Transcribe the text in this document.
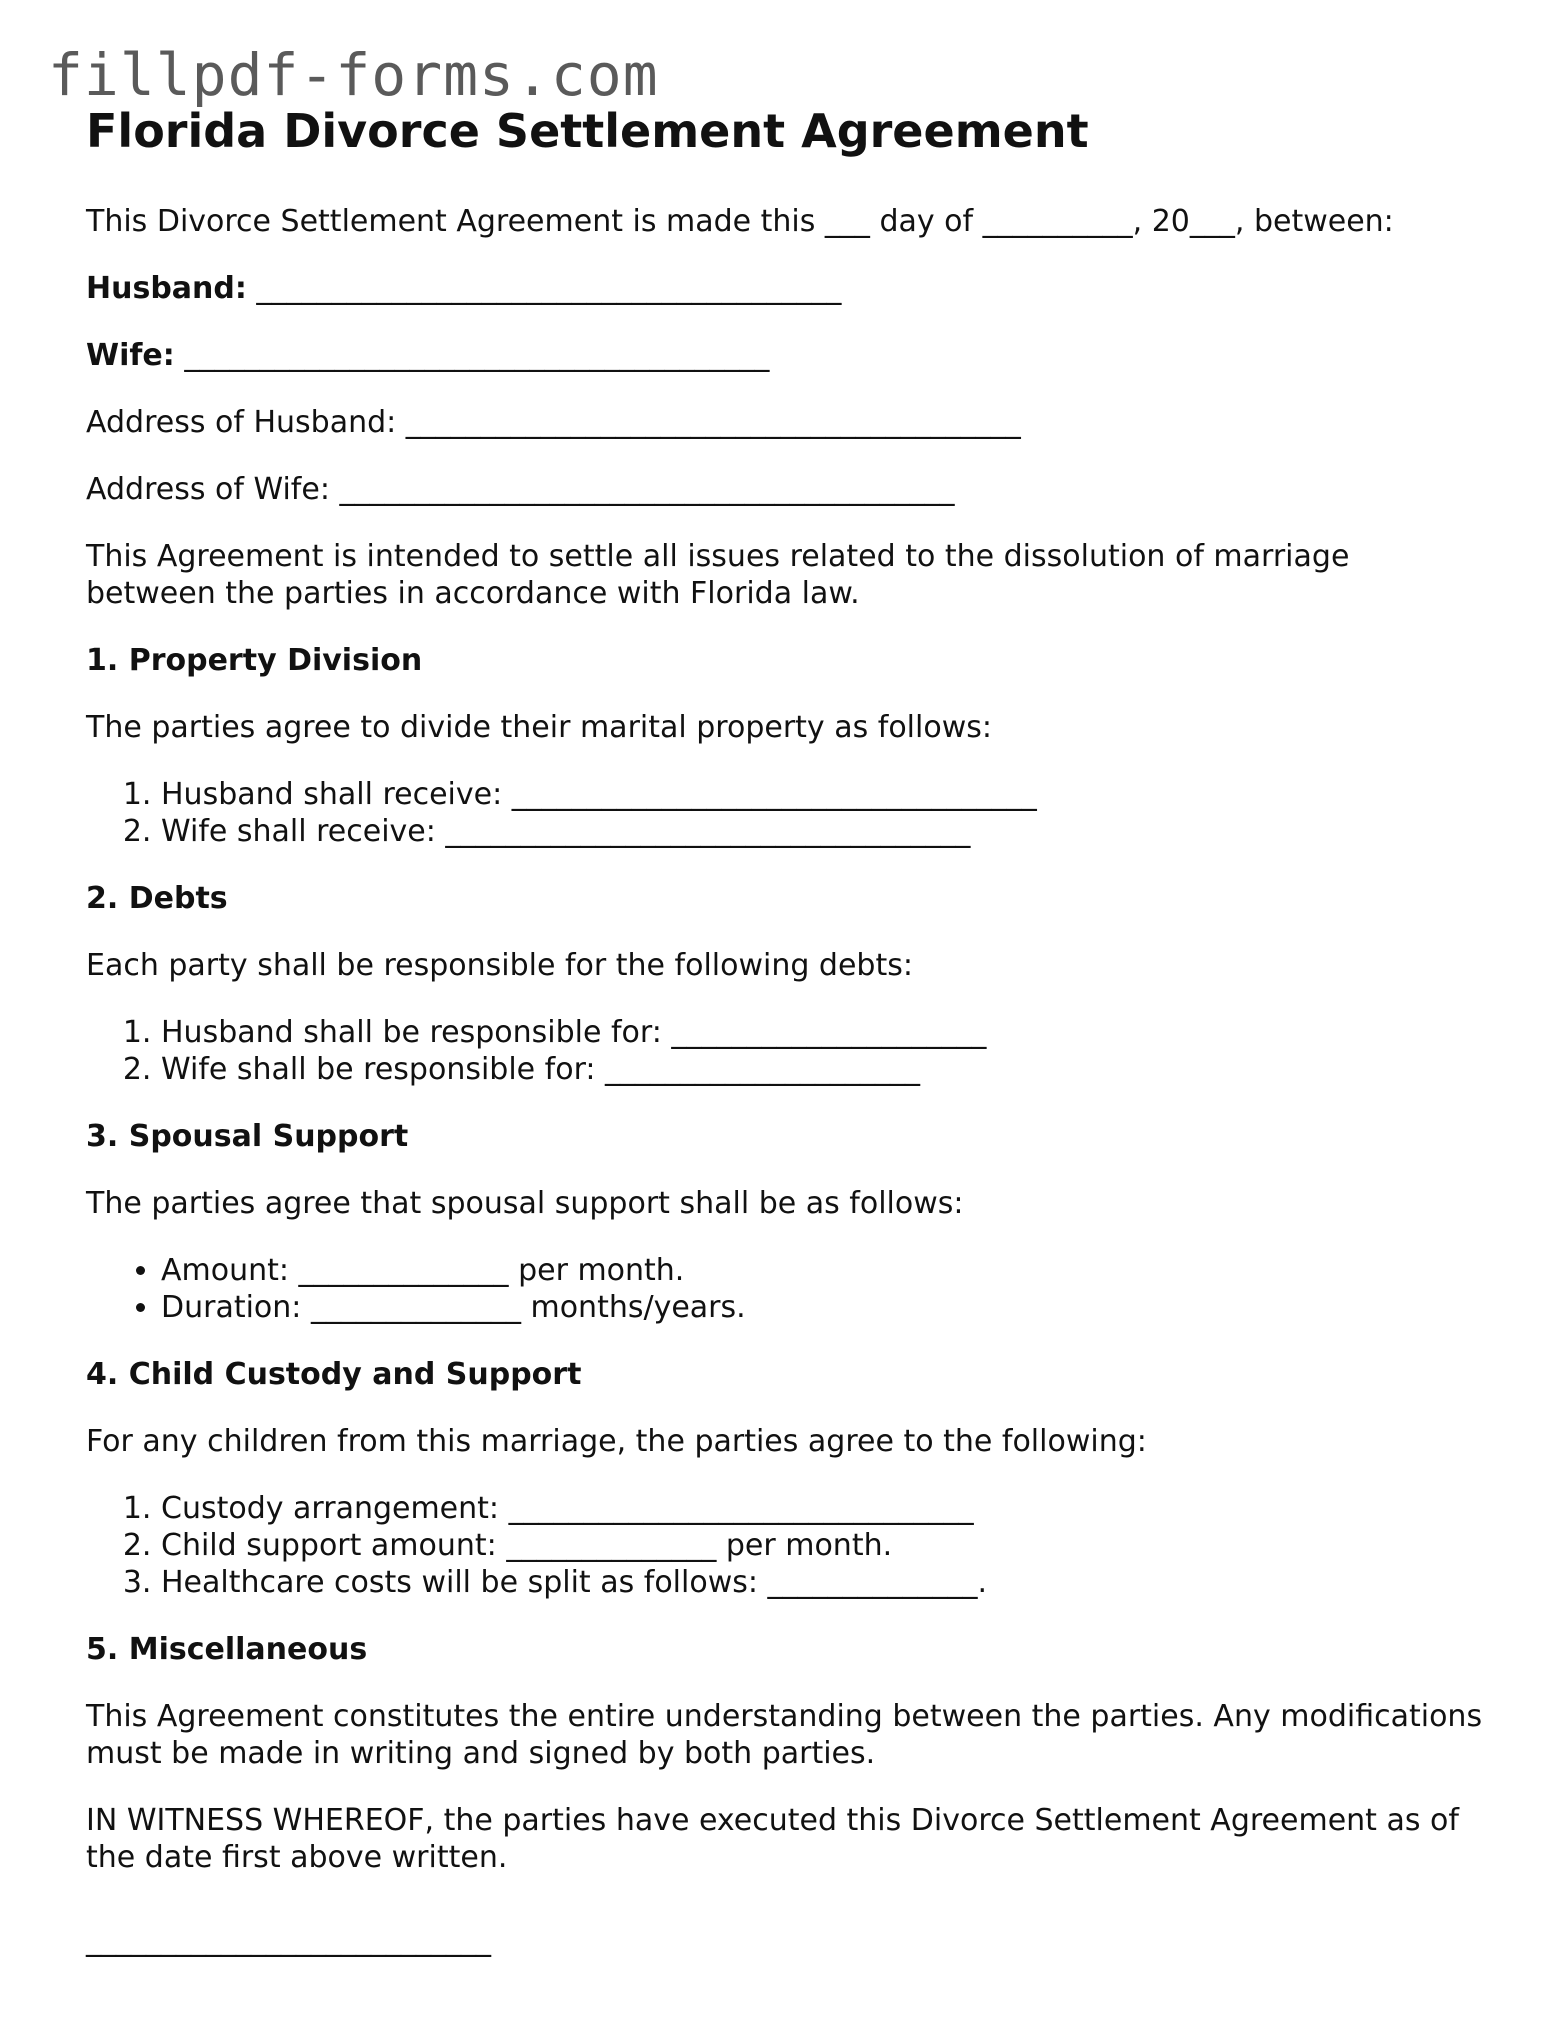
fillpdf-forms.com
Florida Divorce Settlement Agreement

This Divorce Settlement Agreement is made this ___ day of __________, 20___, between:

Husband: _______________________________________

Wife: _______________________________________

Address of Husband: _________________________________________

Address of Wife: _________________________________________

This Agreement is intended to settle all issues related to the dissolution of marriage between the parties in accordance with Florida law.

1. Property Division

The parties agree to divide their marital property as follows:

1. Husband shall receive: ___________________________________
2. Wife shall receive: ___________________________________
2. Debts

Each party shall be responsible for the following debts:

1. Husband shall be responsible for: _____________________
2. Wife shall be responsible for: _____________________
3. Spousal Support

The parties agree that spousal support shall be as follows:

• Amount: ______________ per month.
• Duration: ______________ months/years.
4. Child Custody and Support

For any children from this marriage, the parties agree to the following:

1. Custody arrangement: _______________________________
2. Child support amount: ______________ per month.
3. Healthcare costs will be split as follows: ______________.
5. Miscellaneous

This Agreement constitutes the entire understanding between the parties. Any modifications must be made in writing and signed by both parties.

IN WITNESS WHEREOF, the parties have executed this Divorce Settlement Agreement as of the date first above written.

___________________________
